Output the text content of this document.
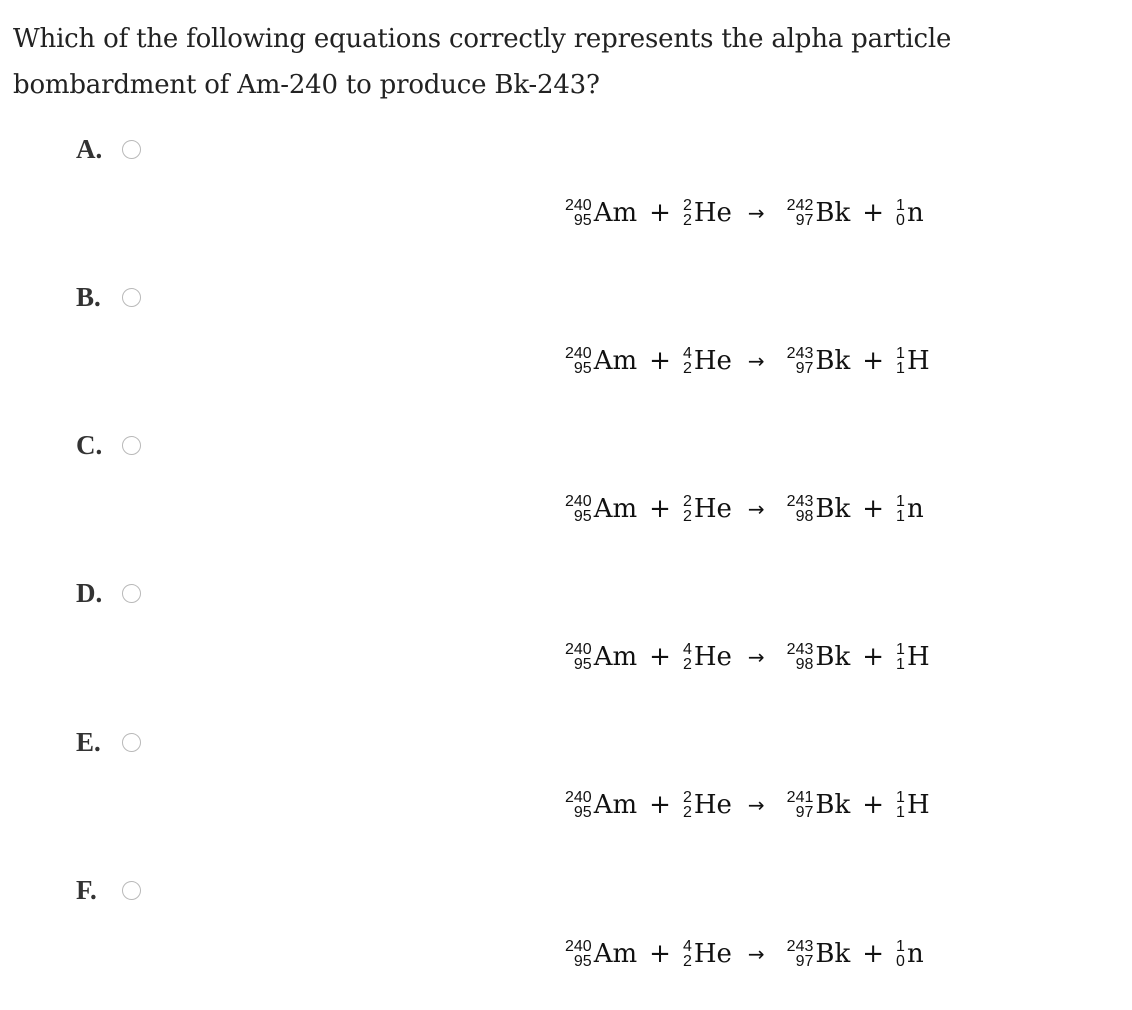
Which of the following equations correctly represents the alpha particle bombardment of Am-240 to produce Bk-243?

A.
240
95 Am + 2
2 He →	242
97 Bk + 1
0 n
B.
240
95 Am + 4
2 He →	243
97 Bk + 1
1 H
C.
240
95 Am + 2
2 He →	243
98 Bk + 1
1 n
D.
240
95 Am + 4
2 He →	243
98 Bk + 1
1 H
E.
240
95 Am + 2
2 He →	241
97 Bk + 1
1 H
F.
240
95 Am + 4
2 He →	243
97 Bk + 1
0 n
